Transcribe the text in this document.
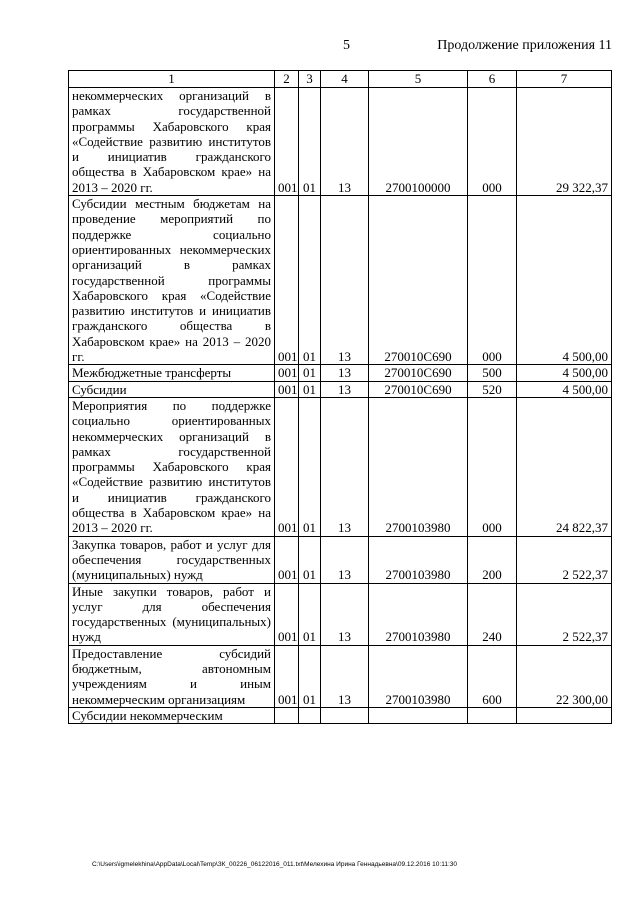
5	Продолжение приложения 11
1	2	3	4	5	6	7
некоммерческих организаций в рамках государственной программы Хабаровского края «Содействие развитию институтов и инициатив гражданского общества в Хабаровском крае» на 2013 – 2020 гг.	001	01	13	2700100000	000	29 322,37
Субсидии местным бюджетам на проведение мероприятий по поддержке социально ориентированных некоммерческих организаций в рамках государственной программы Хабаровского края «Содействие развитию институтов и инициатив гражданского общества в Хабаровском крае» на 2013 – 2020 гг.	001	01	13	270010С690	000	4 500,00
Межбюджетные трансферты	001	01	13	270010С690	500	4 500,00
Субсидии	001	01	13	270010С690	520	4 500,00
Мероприятия по поддержке социально ориентированных некоммерческих организаций в рамках государственной программы Хабаровского края «Содействие развитию институтов и инициатив гражданского общества в Хабаровском крае» на 2013 – 2020 гг.	001	01	13	2700103980	000	24 822,37
Закупка товаров, работ и услуг для обеспечения государственных (муниципальных) нужд	001	01	13	2700103980	200	2 522,37
Иные закупки товаров, работ и услуг для обеспечения государственных (муниципальных) нужд	001	01	13	2700103980	240	2 522,37
Предоставление субсидий бюджетным, автономным учреждениям и иным некоммерческим организациям	001	01	13	2700103980	600	22 300,00
Субсидии некоммерческим						
C:\Users\igmelekhina\AppData\Local\Temp\ЗК_00226_06122016_011.txt\Мелехина Ирина Геннадьевна\09.12.2016 10:11:30
